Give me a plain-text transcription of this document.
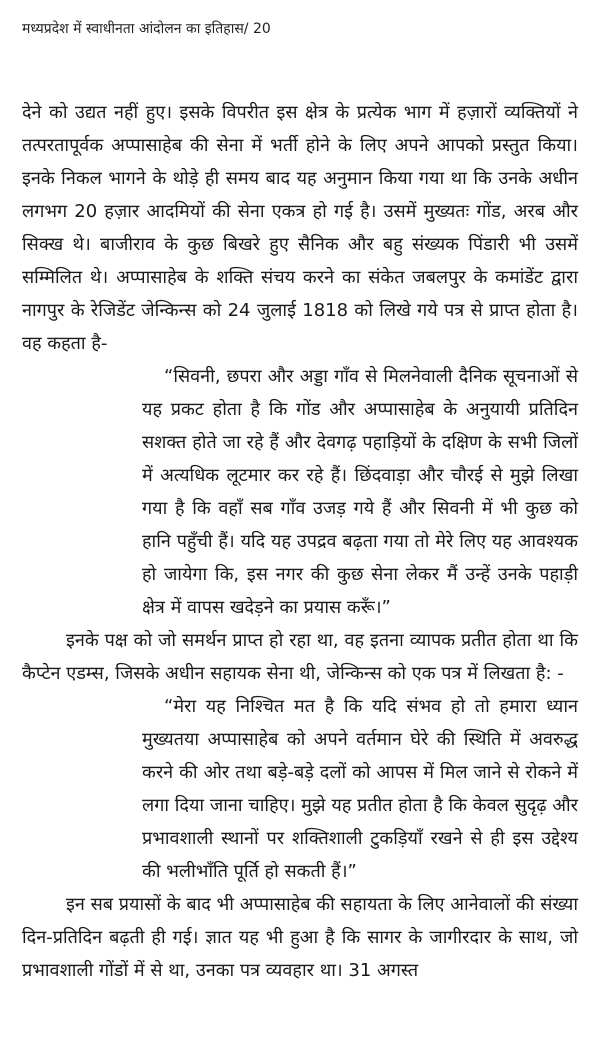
मध्यप्रदेश में स्वाधीनता आंदोलन का इतिहास/ 20

देने को उद्यत नहीं हुए। इसके विपरीत इस क्षेत्र के प्रत्येक भाग में हज़ारों व्यक्तियों ने तत्परतापूर्वक अप्पासाहेब की सेना में भर्ती होने के लिए अपने आपको प्रस्तुत किया। इनके निकल भागने के थोड़े ही समय बाद यह अनुमान किया गया था कि उनके अधीन लगभग 20 हज़ार आदमियों की सेना एकत्र हो गई है। उसमें मुख्यतः गोंड, अरब और सिक्ख थे। बाजीराव के कुछ बिखरे हुए सैनिक और बहु संख्यक पिंडारी भी उसमें सम्मिलित थे। अप्पासाहेब के शक्ति संचय करने का संकेत जबलपुर के कमांडेंट द्वारा नागपुर के रेजिडेंट जेन्किन्स को 24 जुलाई 1818 को लिखे गये पत्र से प्राप्त होता है। वह कहता है-

“सिवनी, छपरा और अड्डा गाँव से मिलनेवाली दैनिक सूचनाओं से यह प्रकट होता है कि गोंड और अप्पासाहेब के अनुयायी प्रतिदिन सशक्त होते जा रहे हैं और देवगढ़ पहाड़ियों के दक्षिण के सभी जिलों में अत्यधिक लूटमार कर रहे हैं। छिंदवाड़ा और चौरई से मुझे लिखा गया है कि वहाँ सब गाँव उजड़ गये हैं और सिवनी में भी कुछ को हानि पहुँची हैं। यदि यह उपद्रव बढ़ता गया तो मेरे लिए यह आवश्यक हो जायेगा कि, इस नगर की कुछ सेना लेकर मैं उन्हें उनके पहाड़ी क्षेत्र में वापस खदेड़ने का प्रयास करूँ।”

इनके पक्ष को जो समर्थन प्राप्त हो रहा था, वह इतना व्यापक प्रतीत होता था कि कैप्टेन एडम्स, जिसके अधीन सहायक सेना थी, जेन्किन्स को एक पत्र में लिखता है: -

“मेरा यह निश्चित मत है कि यदि संभव हो तो हमारा ध्यान मुख्यतया अप्पासाहेब को अपने वर्तमान घेरे की स्थिति में अवरुद्ध करने की ओर तथा बड़े-बड़े दलों को आपस में मिल जाने से रोकने में लगा दिया जाना चाहिए। मुझे यह प्रतीत होता है कि केवल सुदृढ़ और प्रभावशाली स्थानों पर शक्तिशाली टुकड़ियाँ रखने से ही इस उद्देश्य की भलीभाँति पूर्ति हो सकती हैं।”

इन सब प्रयासों के बाद भी अप्पासाहेब की सहायता के लिए आनेवालों की संख्या दिन-प्रतिदिन बढ़ती ही गई। ज्ञात यह भी हुआ है कि सागर के जागीरदार के साथ, जो प्रभावशाली गोंडों में से था, उनका पत्र व्यवहार था। 31 अगस्त
